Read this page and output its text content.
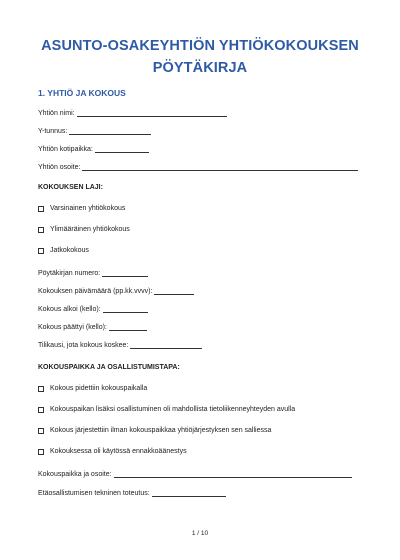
ASUNTO-OSAKEYHTIÖN YHTIÖKOKOUKSEN
PÖYTÄKIRJA
1. YHTIÖ JA KOKOUS
Yhtiön nimi:
Y-tunnus:
Yhtiön kotipaikka:
Yhtiön osoite:
KOKOUKSEN LAJI:
Varsinainen yhtiökokous
Ylimääräinen yhtiökokous
Jatkokokous
Pöytäkirjan numero:
Kokouksen päivämäärä (pp.kk.vvvv):
Kokous alkoi (kello):
Kokous päättyi (kello):
Tilikausi, jota kokous koskee:
KOKOUSPAIKKA JA OSALLISTUMISTAPA:
Kokous pidettiin kokouspaikalla
Kokouspaikan lisäksi osallistuminen oli mahdollista tietoliikenneyhteyden avulla
Kokous järjestettiin ilman kokouspaikkaa yhtiöjärjestyksen sen salliessa
Kokouksessa oli käytössä ennakkoäänestys
Kokouspaikka ja osoite:
Etäosallistumisen tekninen toteutus:
1 / 10
